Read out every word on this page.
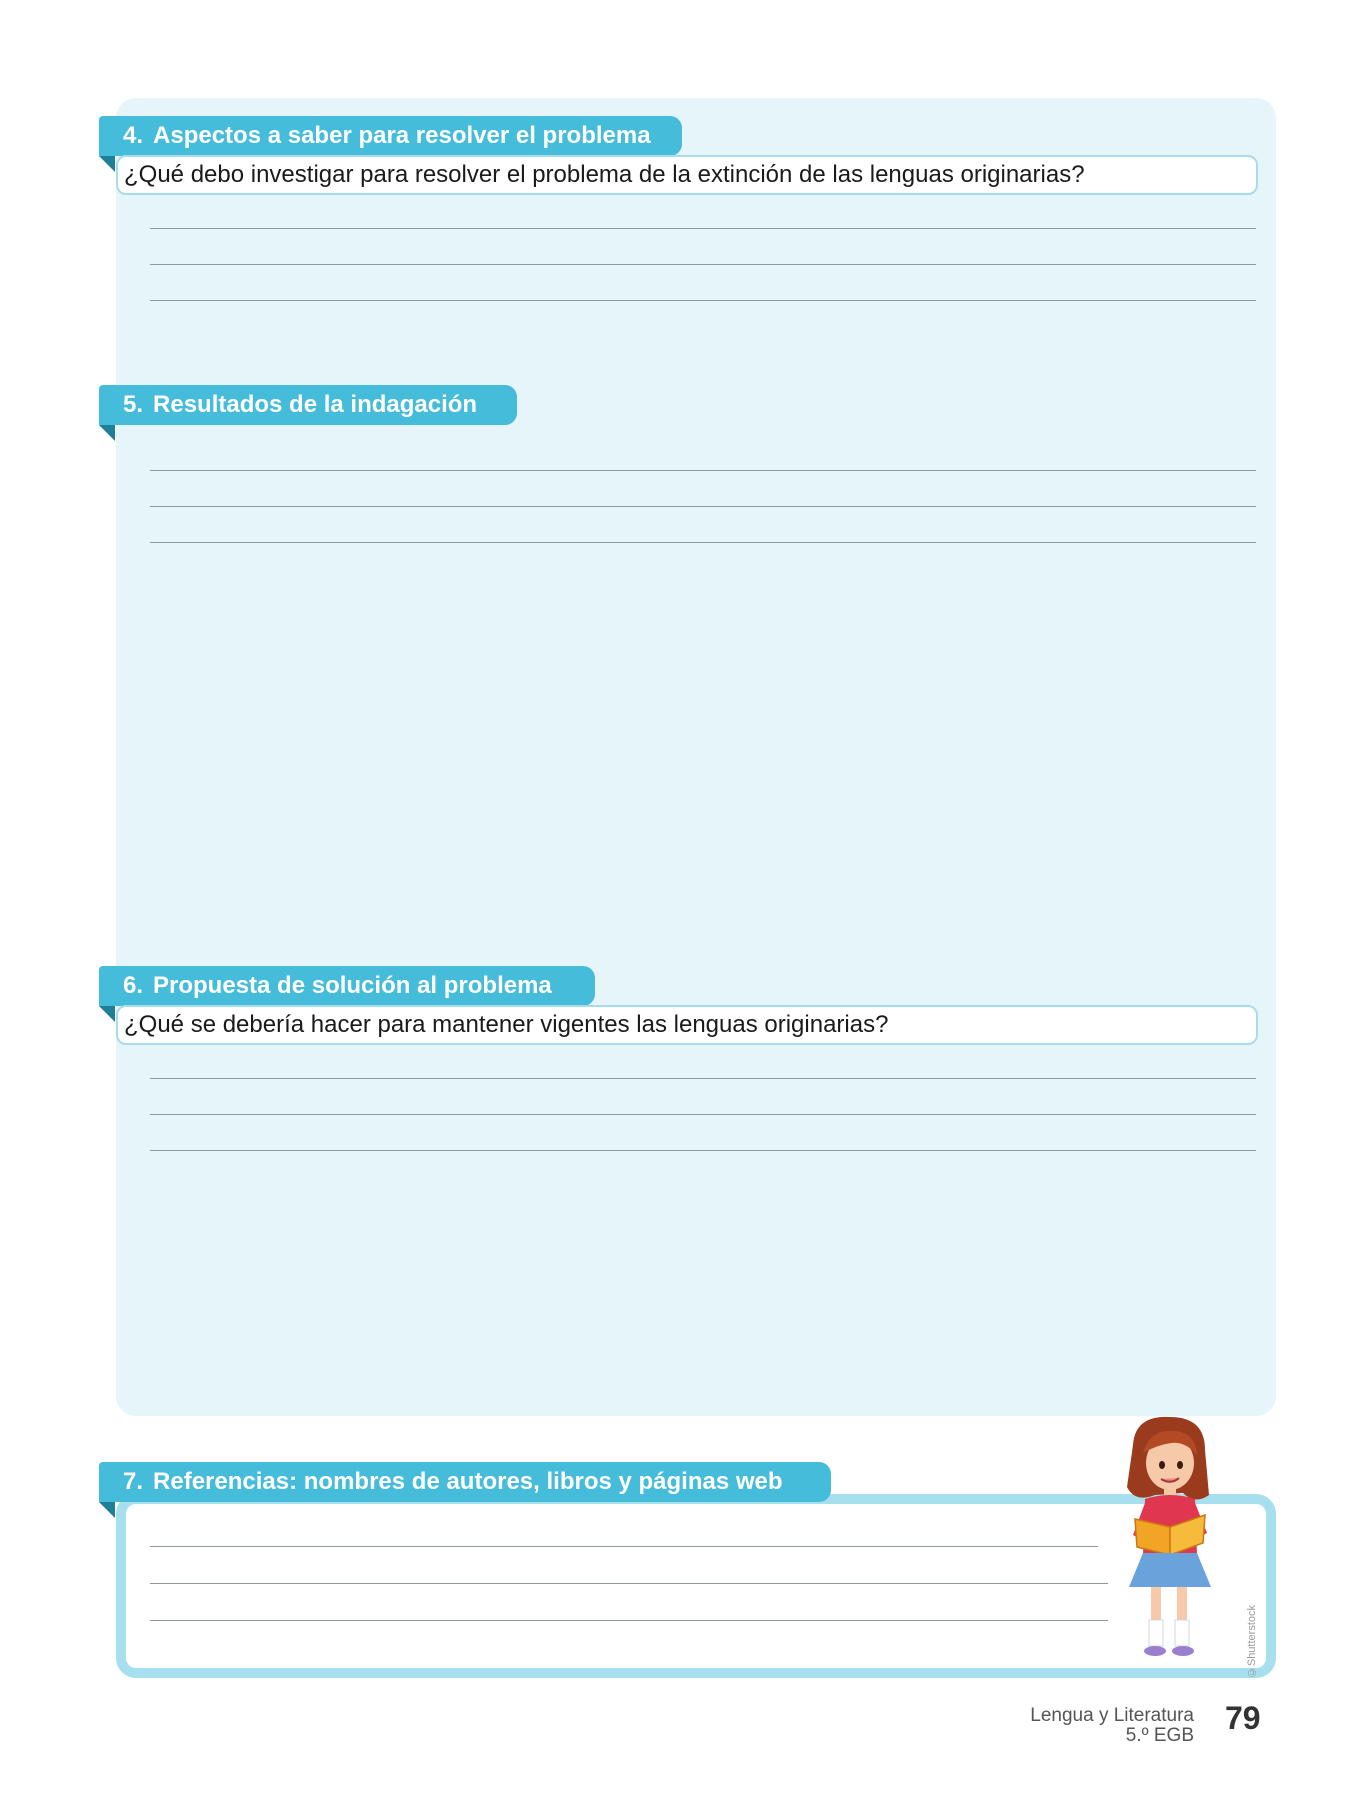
4. Aspectos a saber para resolver el problema
¿Qué debo investigar para resolver el problema de la extinción de las lenguas originarias?
5. Resultados de la indagación
6. Propuesta de solución al problema
¿Qué se debería hacer para mantener vigentes las lenguas originarias?
7. Referencias: nombres de autores, libros y páginas web
©Shutterstock
Lengua y Literatura
5.º EGB 79
